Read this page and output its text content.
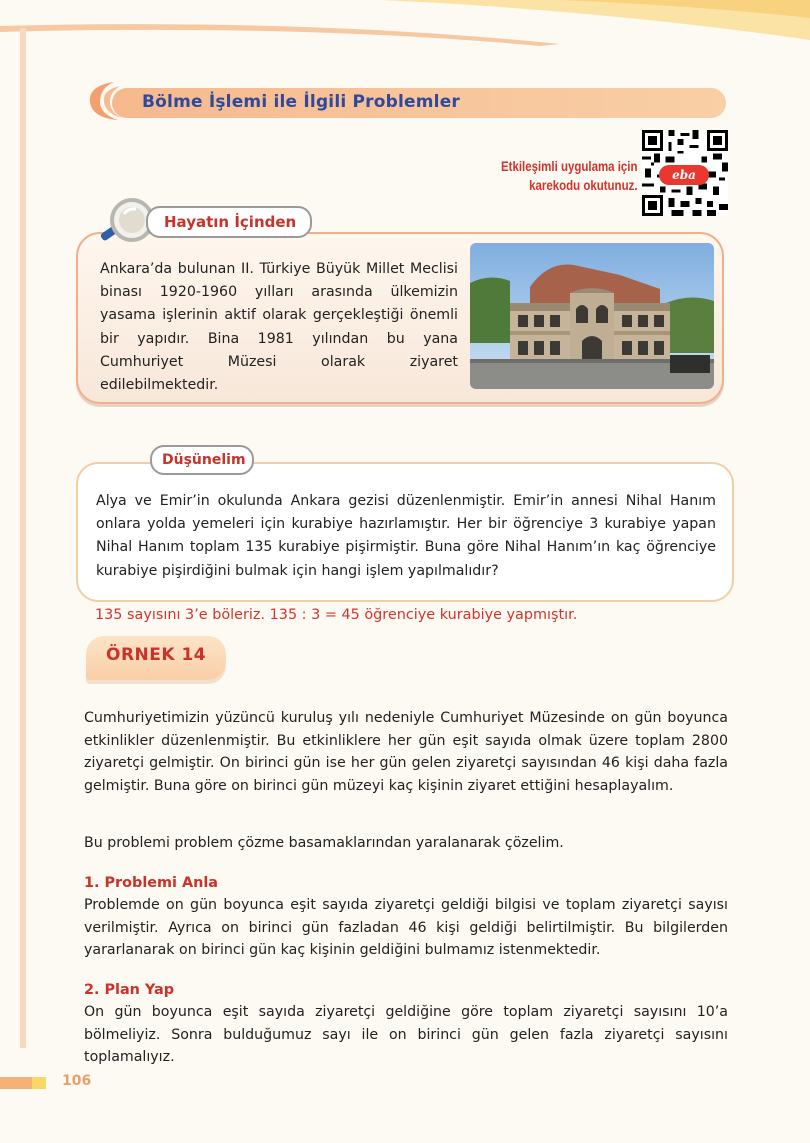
Bölme İşlemi ile İlgili Problemler
Etkileşimli uygulama için
karekodu okutunuz.
eba
Hayatın İçinden
Ankara’da bulunan II. Türkiye Büyük Millet Meclisi binası 1920-1960 yılları arasında ülkemizin yasama işlerinin aktif olarak gerçekleştiği önemli bir yapıdır. Bina 1981 yılından bu yana Cumhuriyet Müzesi olarak ziyaret edilebilmektedir.
Düşünelim
Alya ve Emir’in okulunda Ankara gezisi düzenlenmiştir. Emir’in annesi Nihal Hanım onlara yolda yemeleri için kurabiye hazırlamıştır. Her bir öğrenciye 3 kurabiye yapan Nihal Hanım toplam 135 kurabiye pişirmiştir. Buna göre Nihal Hanım’ın kaç öğrenciye kurabiye pişirdiğini bulmak için hangi işlem yapılmalıdır?
135 sayısını 3’e böleriz. 135 : 3 = 45 öğrenciye kurabiye yapmıştır.
ÖRNEK 14
Cumhuriyetimizin yüzüncü kuruluş yılı nedeniyle Cumhuriyet Müzesinde on gün boyunca etkinlikler düzenlenmiştir. Bu etkinliklere her gün eşit sayıda olmak üzere toplam 2800 ziyaretçi gelmiştir. On birinci gün ise her gün gelen ziyaretçi sayısından 46 kişi daha fazla gelmiştir. Buna göre on birinci gün müzeyi kaç kişinin ziyaret ettiğini hesaplayalım.
Bu problemi problem çözme basamaklarından yaralanarak çözelim.
1. Problemi Anla
Problemde on gün boyunca eşit sayıda ziyaretçi geldiği bilgisi ve toplam ziyaretçi sayısı verilmiştir. Ayrıca on birinci gün fazladan 46 kişi geldiği belirtilmiştir. Bu bilgilerden yararlanarak on birinci gün kaç kişinin geldiğini bulmamız istenmektedir.
2. Plan Yap
On gün boyunca eşit sayıda ziyaretçi geldiğine göre toplam ziyaretçi sayısını 10’a bölmeliyiz. Sonra bulduğumuz sayı ile on birinci gün gelen fazla ziyaretçi sayısını toplamalıyız.
106
